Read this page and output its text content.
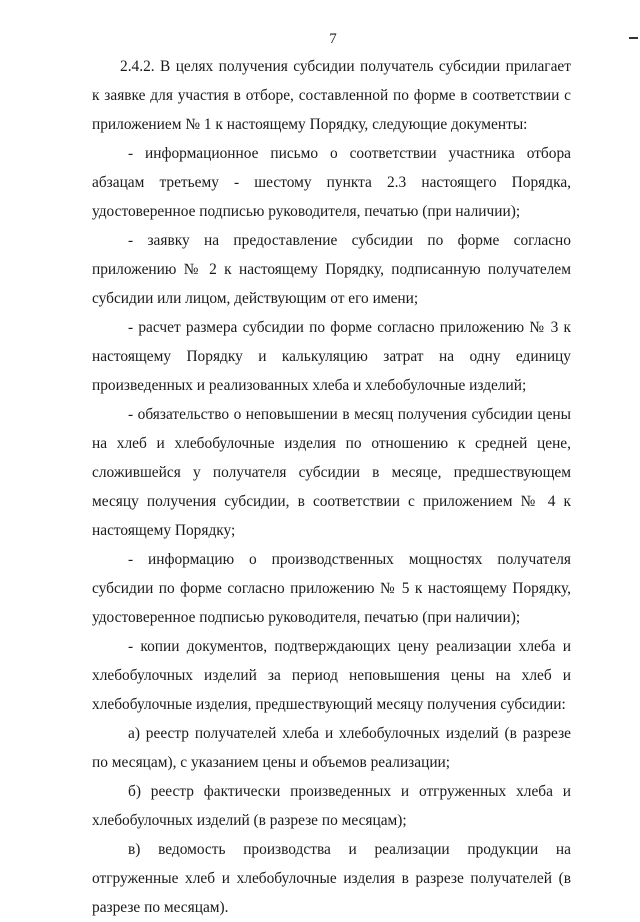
7

2.4.2. В целях получения субсидии получатель субсидии прилагает к заявке для участия в отборе, составленной по форме в соответствии с приложением № 1 к настоящему Порядку, следующие документы:

- информационное письмо о соответствии участника отбора абзацам третьему - шестому пункта 2.3 настоящего Порядка, удостоверенное подписью руководителя, печатью (при наличии);

- заявку на предоставление субсидии по форме согласно приложению № 2 к настоящему Порядку, подписанную получателем субсидии или лицом, действующим от его имени;

- расчет размера субсидии по форме согласно приложению № 3 к настоящему Порядку и калькуляцию затрат на одну единицу произведенных и реализованных хлеба и хлебобулочные изделий;

- обязательство о неповышении в месяц получения субсидии цены на хлеб и хлебобулочные изделия по отношению к средней цене, сложившейся у получателя субсидии в месяце, предшествующем месяцу получения субсидии, в соответствии с приложением № 4 к настоящему Порядку;

- информацию о производственных мощностях получателя субсидии по форме согласно приложению № 5 к настоящему Порядку, удостоверенное подписью руководителя, печатью (при наличии);

- копии документов, подтверждающих цену реализации хлеба и хлебобулочных изделий за период неповышения цены на хлеб и хлебобулочные изделия, предшествующий месяцу получения субсидии:

а) реестр получателей хлеба и хлебобулочных изделий (в разрезе по месяцам), с указанием цены и объемов реализации;

б) реестр фактически произведенных и отгруженных хлеба и хлебобулочных изделий (в разрезе по месяцам);

в) ведомость производства и реализации продукции на отгруженные хлеб и хлебобулочные изделия в разрезе получателей (в разрезе по месяцам).
